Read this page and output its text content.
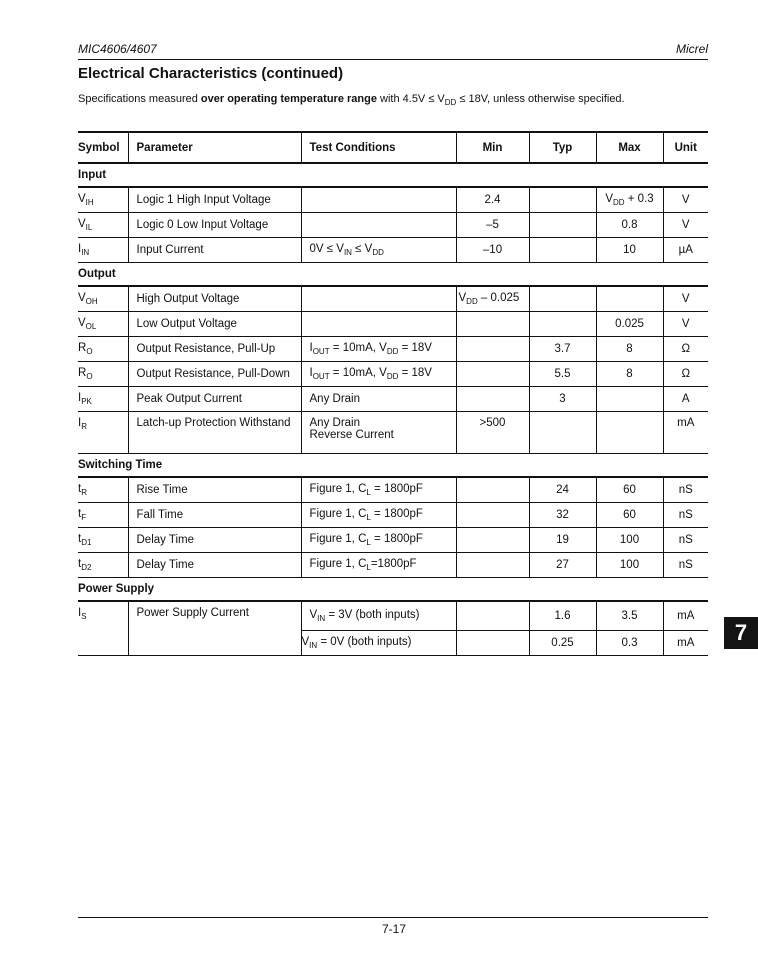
MIC4606/4607	Micrel
Electrical Characteristics (continued)
Specifications measured over operating temperature range with $4.5V \le V_{DD} \le 18V$, unless otherwise specified.
Symbol	Parameter	Test Conditions	Min	Typ	Max	Unit
Input						
$V_{IH}$	Logic 1 High Input Voltage		2.4		$V_{DD} + 0.3$	V
$V_{IL}$	Logic 0 Low Input Voltage		–5		0.8	V
$I_{IN}$	Input Current	$0V \le V_{IN} \le V_{DD}$	–10		10	µA
Output						
$V_{OH}$	High Output Voltage		$V_{DD} - 0.025$			V
$V_{OL}$	Low Output Voltage				0.025	V
$R_O$	Output Resistance, Pull-Up	$I_{OUT} = 10mA$, $V_{DD} = 18V$		3.7	8	Ω
$R_O$	Output Resistance, Pull-Down	$I_{OUT} = 10mA$, $V_{DD} = 18V$		5.5	8	Ω
$I_{PK}$	Peak Output Current	Any Drain		3		A
$I_R$	Latch-up Protection Withstand	Any Drain
Reverse Current	>500			mA
Switching Time						
$t_R$	Rise Time	Figure 1, $C_L = 1800pF$		24	60	nS
$t_F$	Fall Time	Figure 1, $C_L = 1800pF$		32	60	nS
$t_{D1}$	Delay Time	Figure 1, $C_L = 1800pF$		19	100	nS
$t_{D2}$	Delay Time	Figure 1, $C_L=1800pF$		27	100	nS
Power Supply						
$I_S$	Power Supply Current	$V_{IN} = 3V$ (both inputs)		1.6	3.5	mA
		$V_{IN} = 0V$ (both inputs)		0.25	0.3	mA	7
7-17
